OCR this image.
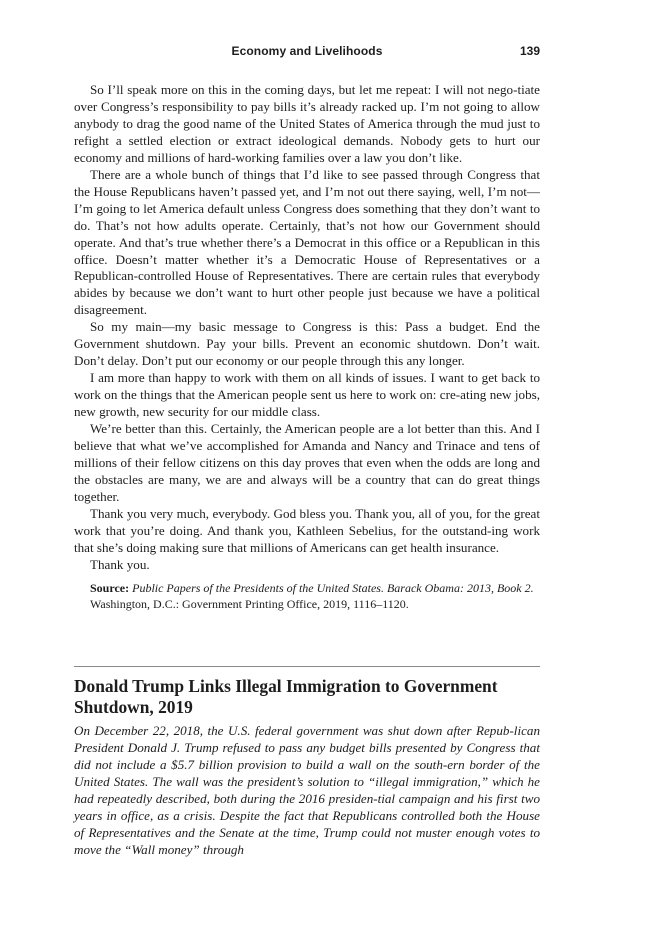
Economy and Livelihoods	139

So I’ll speak more on this in the coming days, but let me repeat: I will not nego-tiate over Congress’s responsibility to pay bills it’s already racked up. I’m not going to allow anybody to drag the good name of the United States of America through the mud just to refight a settled election or extract ideological demands. Nobody gets to hurt our economy and millions of hard-working families over a law you don’t like.

There are a whole bunch of things that I’d like to see passed through Congress that the House Republicans haven’t passed yet, and I’m not out there saying, well, I’m not—I’m going to let America default unless Congress does something that they don’t want to do. That’s not how adults operate. Certainly, that’s not how our Government should operate. And that’s true whether there’s a Democrat in this office or a Republican in this office. Doesn’t matter whether it’s a Democratic House of Representatives or a Republican-controlled House of Representatives. There are certain rules that everybody abides by because we don’t want to hurt other people just because we have a political disagreement.

So my main—my basic message to Congress is this: Pass a budget. End the Government shutdown. Pay your bills. Prevent an economic shutdown. Don’t wait. Don’t delay. Don’t put our economy or our people through this any longer.

I am more than happy to work with them on all kinds of issues. I want to get back to work on the things that the American people sent us here to work on: cre-ating new jobs, new growth, new security for our middle class.

We’re better than this. Certainly, the American people are a lot better than this. And I believe that what we’ve accomplished for Amanda and Nancy and Trinace and tens of millions of their fellow citizens on this day proves that even when the odds are long and the obstacles are many, we are and always will be a country that can do great things together.

Thank you very much, everybody. God bless you. Thank you, all of you, for the great work that you’re doing. And thank you, Kathleen Sebelius, for the outstand-ing work that she’s doing making sure that millions of Americans can get health insurance.

Thank you.

Source: Public Papers of the Presidents of the United States. Barack Obama: 2013, Book 2. Washington, D.C.: Government Printing Office, 2019, 1116–1120.
Donald Trump Links Illegal Immigration to Government Shutdown, 2019

On December 22, 2018, the U.S. federal government was shut down after Repub-lican President Donald J. Trump refused to pass any budget bills presented by Congress that did not include a $5.7 billion provision to build a wall on the south-ern border of the United States. The wall was the president’s solution to “illegal immigration,” which he had repeatedly described, both during the 2016 presiden-tial campaign and his first two years in office, as a crisis. Despite the fact that Republicans controlled both the House of Representatives and the Senate at the time, Trump could not muster enough votes to move the “Wall money” through
